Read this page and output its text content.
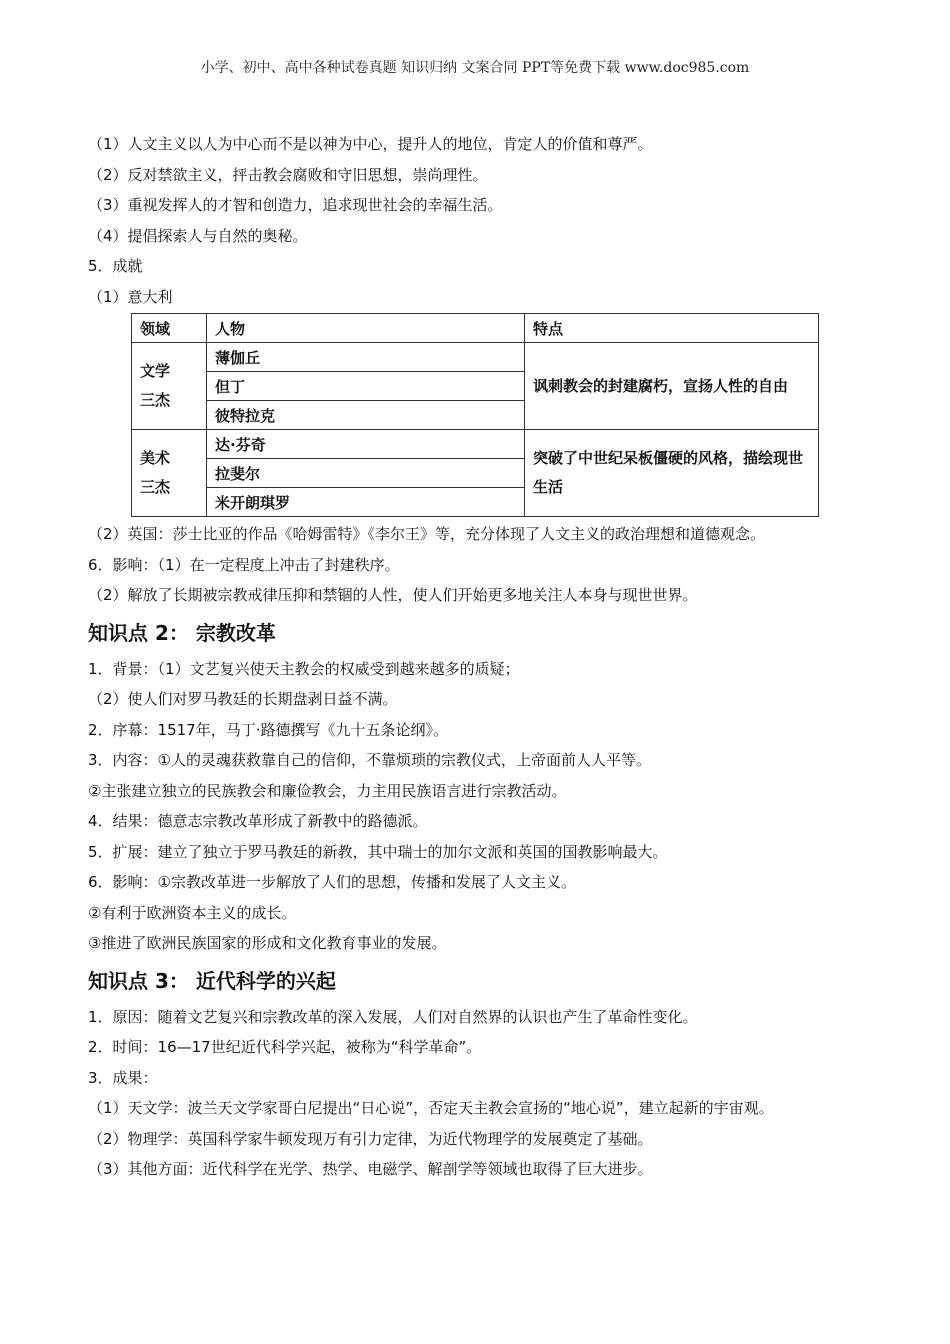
小学、初中、高中各种试卷真题 知识归纳 文案合同 PPT等免费下载 www.doc985.com
（1）人文主义以人为中心而不是以神为中心，提升人的地位，肯定人的价值和尊严。
（2）反对禁欲主义，抨击教会腐败和守旧思想，崇尚理性。
（3）重视发挥人的才智和创造力，追求现世社会的幸福生活。
（4）提倡探索人与自然的奥秘。
5．成就
（1）意大利
领域	人物	特点

文学
三杰	薄伽丘	讽刺教会的封建腐朽，宣扬人性的自由
	但丁	
	彼特拉克	

美术
三杰	达·芬奇	突破了中世纪呆板僵硬的风格，描绘现世生活
	拉斐尔	
	米开朗琪罗	
（2）英国：莎士比亚的作品《哈姆雷特》《李尔王》等，充分体现了人文主义的政治理想和道德观念。
6．影响：（1）在一定程度上冲击了封建秩序。
（2）解放了长期被宗教戒律压抑和禁锢的人性，使人们开始更多地关注人本身与现世世界。
知识点 2： 宗教改革
1．背景：（1）文艺复兴使天主教会的权威受到越来越多的质疑；
（2）使人们对罗马教廷的长期盘剥日益不满。
2．序幕：1517年，马丁·路德撰写《九十五条论纲》。
3．内容：①人的灵魂获救靠自己的信仰，不靠烦琐的宗教仪式，上帝面前人人平等。
②主张建立独立的民族教会和廉俭教会，力主用民族语言进行宗教活动。
4．结果：德意志宗教改革形成了新教中的路德派。
5．扩展：建立了独立于罗马教廷的新教，其中瑞士的加尔文派和英国的国教影响最大。
6．影响：①宗教改革进一步解放了人们的思想，传播和发展了人文主义。
②有利于欧洲资本主义的成长。
③推进了欧洲民族国家的形成和文化教育事业的发展。
知识点 3： 近代科学的兴起
1．原因：随着文艺复兴和宗教改革的深入发展，人们对自然界的认识也产生了革命性变化。
2．时间：16—17世纪近代科学兴起，被称为“科学革命”。
3．成果：
（1）天文学：波兰天文学家哥白尼提出“日心说”，否定天主教会宣扬的“地心说”，建立起新的宇宙观。
（2）物理学：英国科学家牛顿发现万有引力定律，为近代物理学的发展奠定了基础。
（3）其他方面：近代科学在光学、热学、电磁学、解剖学等领域也取得了巨大进步。
